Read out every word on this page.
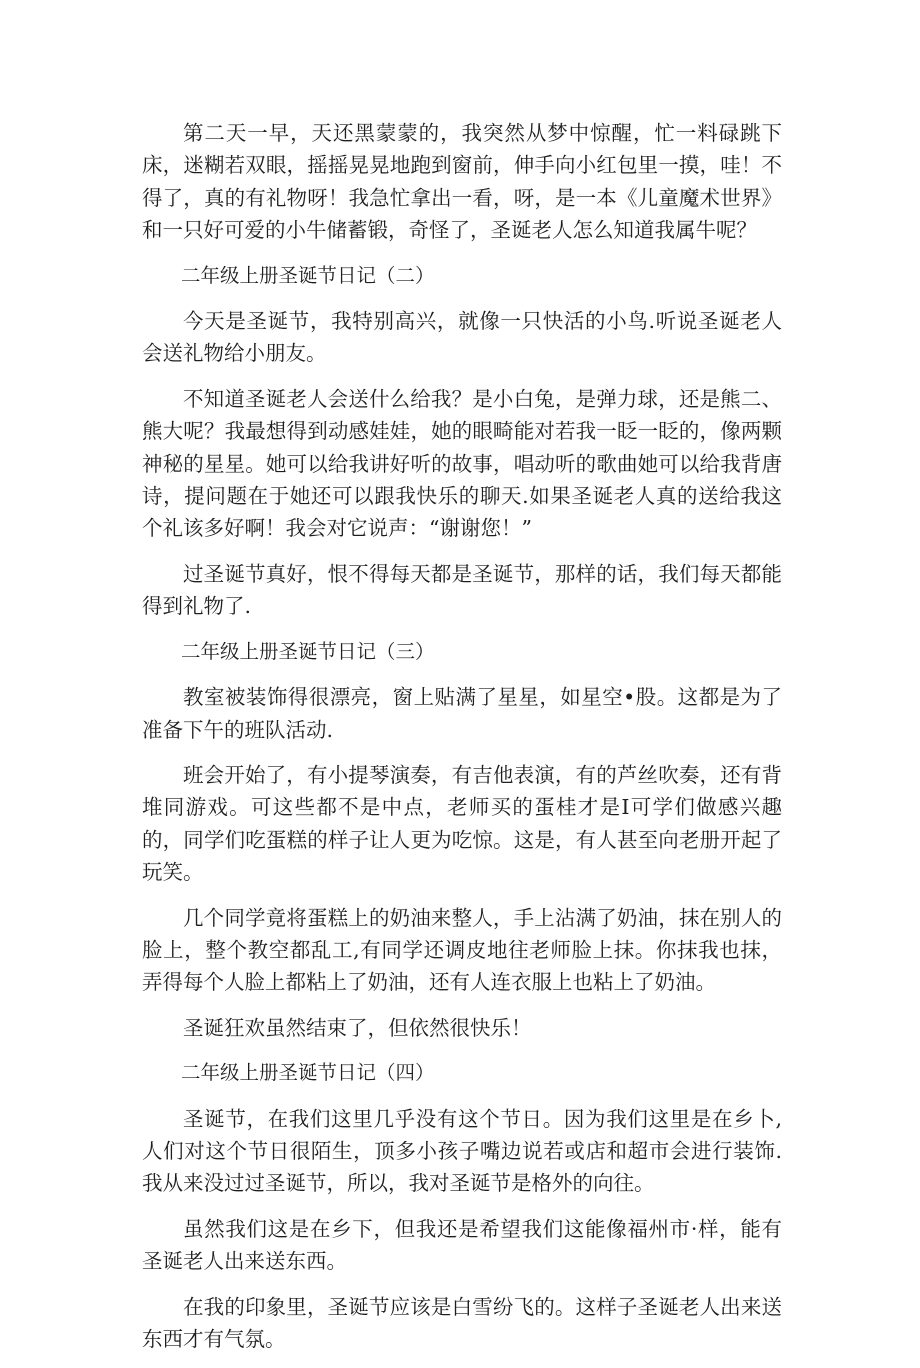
第二天一早，天还黑蒙蒙的，我突然从梦中惊醒，忙一料碌跳下床，迷糊若双眼，摇摇晃晃地跑到窗前，伸手向小红包里一摸，哇！不得了，真的有礼物呀！我急忙拿出一看，呀，是一本《儿童魔术世界》和一只好可爱的小牛储蓄锻，奇怪了，圣诞老人怎么知道我属牛呢？

二年级上册圣诞节日记（二）

今天是圣诞节，我特别高兴，就像一只快活的小鸟.听说圣诞老人会送礼物给小朋友。

不知道圣诞老人会送什么给我？是小白兔，是弹力球，还是熊二、熊大呢？我最想得到动感娃娃，她的眼畸能对若我一眨一眨的，像两颗神秘的星星。她可以给我讲好听的故事，唱动听的歌曲她可以给我背唐诗，提问题在于她还可以跟我快乐的聊天.如果圣诞老人真的送给我这个礼该多好啊！我会对它说声：“谢谢您！”

过圣诞节真好，恨不得每天都是圣诞节，那样的话，我们每天都能得到礼物了.

二年级上册圣诞节日记（三）

教室被装饰得很漂亮，窗上贴满了星星，如星空•股。这都是为了准备下午的班队活动.

班会开始了，有小提琴演奏，有吉他表演，有的芦丝吹奏，还有背堆同游戏。可这些都不是中点，老师买的蛋桂才是I可学们做感兴趣的，同学们吃蛋糕的样子让人更为吃惊。这是，有人甚至向老册开起了玩笑。

几个同学竟将蛋糕上的奶油来整人，手上沾满了奶油，抹在别人的脸上，整个教空都乱工,有同学还调皮地往老师脸上抹。你抹我也抹，弄得每个人脸上都粘上了奶油，还有人连衣服上也粘上了奶油。

圣诞狂欢虽然结束了，但依然很快乐！

二年级上册圣诞节日记（四）

圣诞节，在我们这里几乎没有这个节日。因为我们这里是在乡卜,人们对这个节日很陌生，顶多小孩子嘴边说若或店和超市会进行装饰.我从来没过过圣诞节，所以，我对圣诞节是格外的向往。

虽然我们这是在乡下，但我还是希望我们这能像福州市·样，能有圣诞老人出来送东西。

在我的印象里，圣诞节应该是白雪纷飞的。这样子圣诞老人出来送东西才有气氛。
